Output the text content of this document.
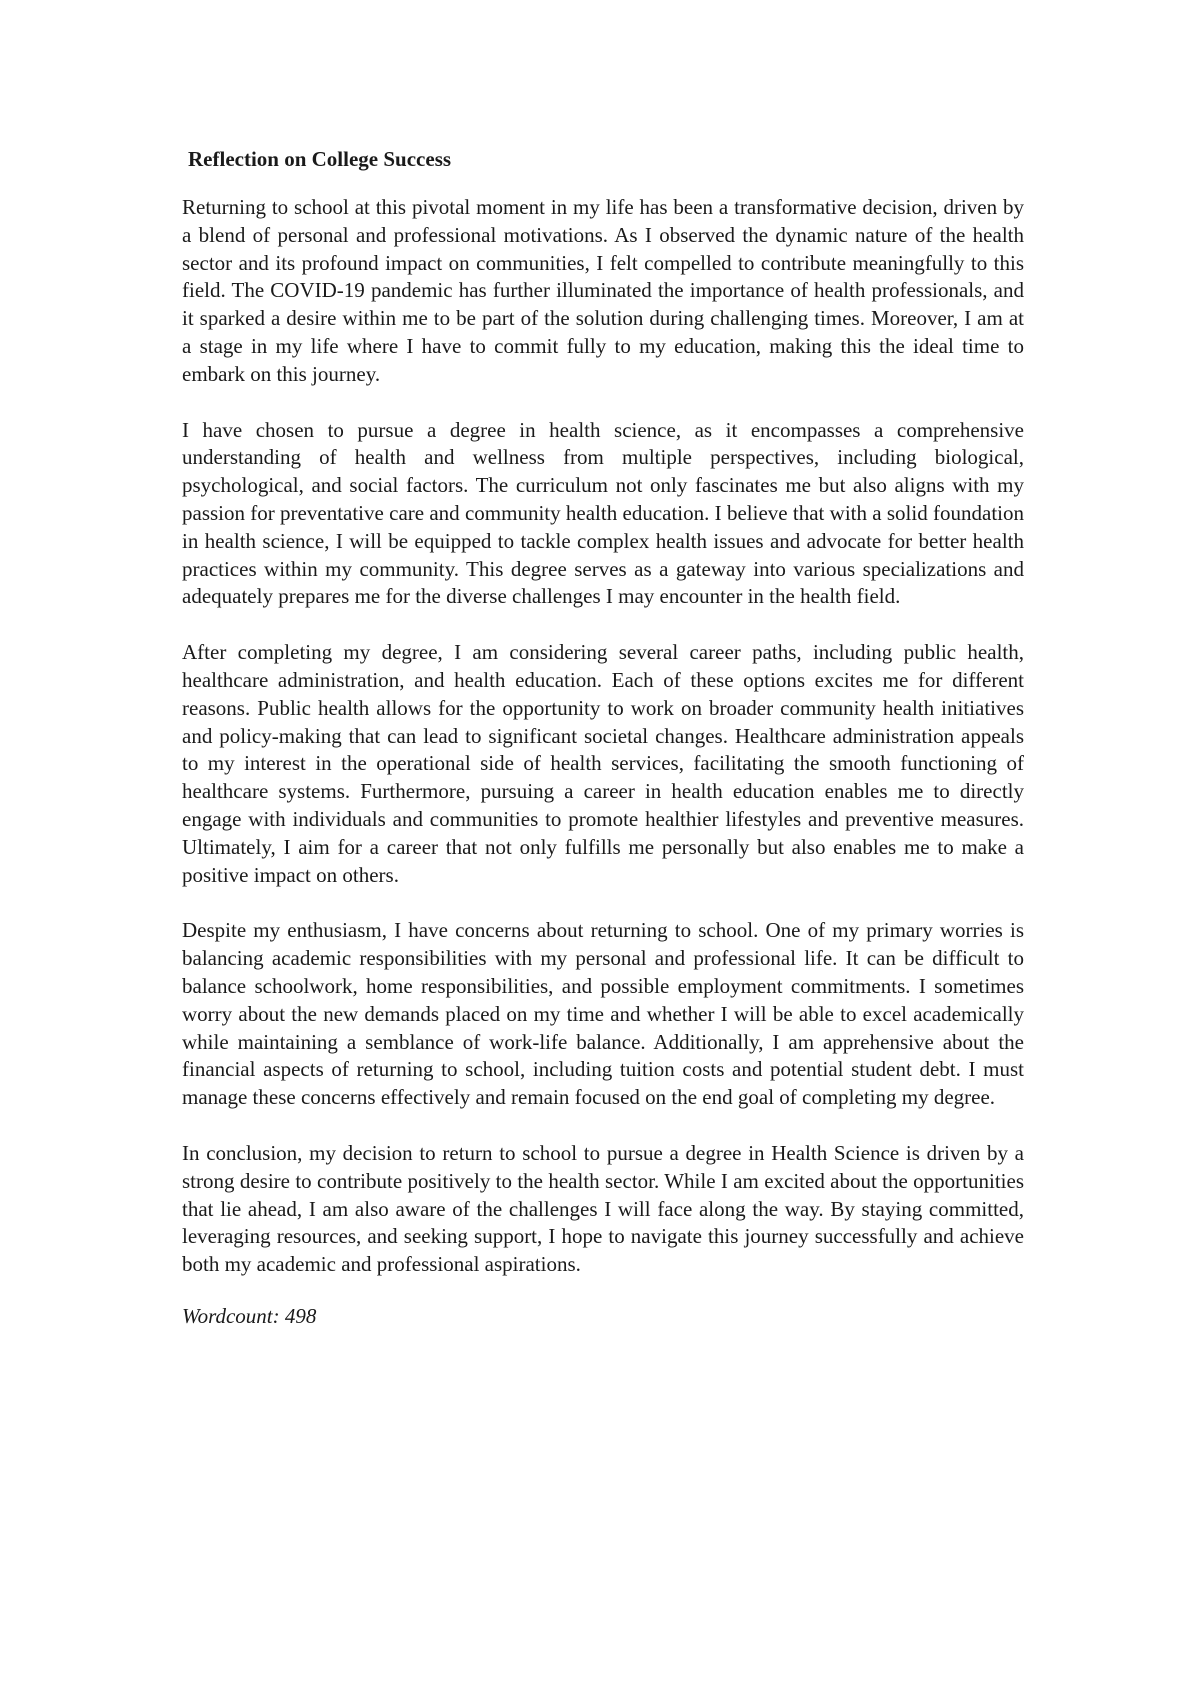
Reflection on College Success

Returning to school at this pivotal moment in my life has been a transformative decision, driven by a blend of personal and professional motivations. As I observed the dynamic nature of the health sector and its profound impact on communities, I felt compelled to contribute meaningfully to this field. The COVID-19 pandemic has further illuminated the importance of health professionals, and it sparked a desire within me to be part of the solution during challenging times. Moreover, I am at a stage in my life where I have to commit fully to my education, making this the ideal time to embark on this journey.

I have chosen to pursue a degree in health science, as it encompasses a comprehensive understanding of health and wellness from multiple perspectives, including biological, psychological, and social factors. The curriculum not only fascinates me but also aligns with my passion for preventative care and community health education. I believe that with a solid foundation in health science, I will be equipped to tackle complex health issues and advocate for better health practices within my community. This degree serves as a gateway into various specializations and adequately prepares me for the diverse challenges I may encounter in the health field.

After completing my degree, I am considering several career paths, including public health, healthcare administration, and health education. Each of these options excites me for different reasons. Public health allows for the opportunity to work on broader community health initiatives and policy-making that can lead to significant societal changes. Healthcare administration appeals to my interest in the operational side of health services, facilitating the smooth functioning of healthcare systems. Furthermore, pursuing a career in health education enables me to directly engage with individuals and communities to promote healthier lifestyles and preventive measures. Ultimately, I aim for a career that not only fulfills me personally but also enables me to make a positive impact on others.

Despite my enthusiasm, I have concerns about returning to school. One of my primary worries is balancing academic responsibilities with my personal and professional life. It can be difficult to balance schoolwork, home responsibilities, and possible employment commitments. I sometimes worry about the new demands placed on my time and whether I will be able to excel academically while maintaining a semblance of work-life balance. Additionally, I am apprehensive about the financial aspects of returning to school, including tuition costs and potential student debt. I must manage these concerns effectively and remain focused on the end goal of completing my degree.

In conclusion, my decision to return to school to pursue a degree in Health Science is driven by a strong desire to contribute positively to the health sector. While I am excited about the opportunities that lie ahead, I am also aware of the challenges I will face along the way. By staying committed, leveraging resources, and seeking support, I hope to navigate this journey successfully and achieve both my academic and professional aspirations.

Wordcount: 498
